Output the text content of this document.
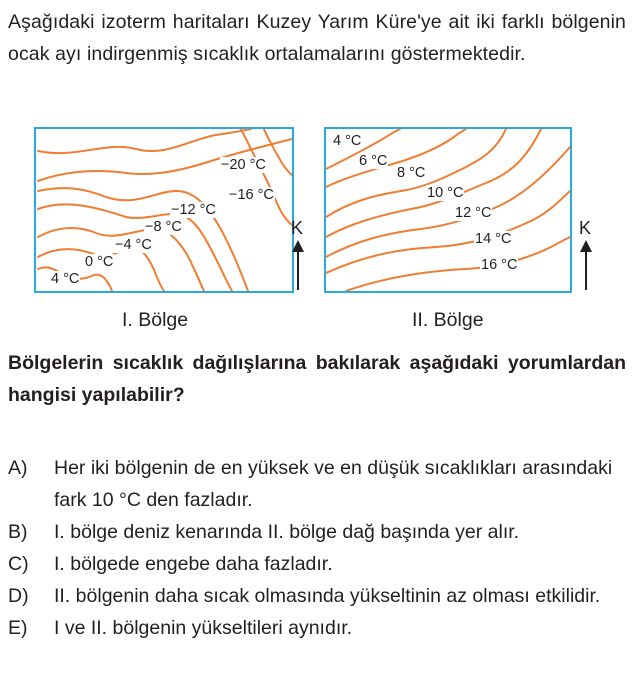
Aşağıdaki izoterm haritaları Kuzey Yarım Küre'ye ait iki farklı bölgenin ocak ayı indirgenmiş sıcaklık ortalamalarını göstermektedir.
−20 °C
−16 °C
−12 °C
−8 °C
−4 °C
0 °C
4 °C
K
I. Bölge
4 °C
6 °C
8 °C
10 °C
12 °C
14 °C
16 °C
K
II. Bölge
Bölgelerin sıcaklık dağılışlarına bakılarak aşağıdaki yorumlardan hangisi yapılabilir?
A) Her iki bölgenin de en yüksek ve en düşük sıcaklıkları arasındaki fark 10 °C den fazladır.
B) I. bölge deniz kenarında II. bölge dağ başında yer alır.
C) I. bölgede engebe daha fazladır.
D) II. bölgenin daha sıcak olmasında yükseltinin az olması etkilidir.
E) I ve II. bölgenin yükseltileri aynıdır.
